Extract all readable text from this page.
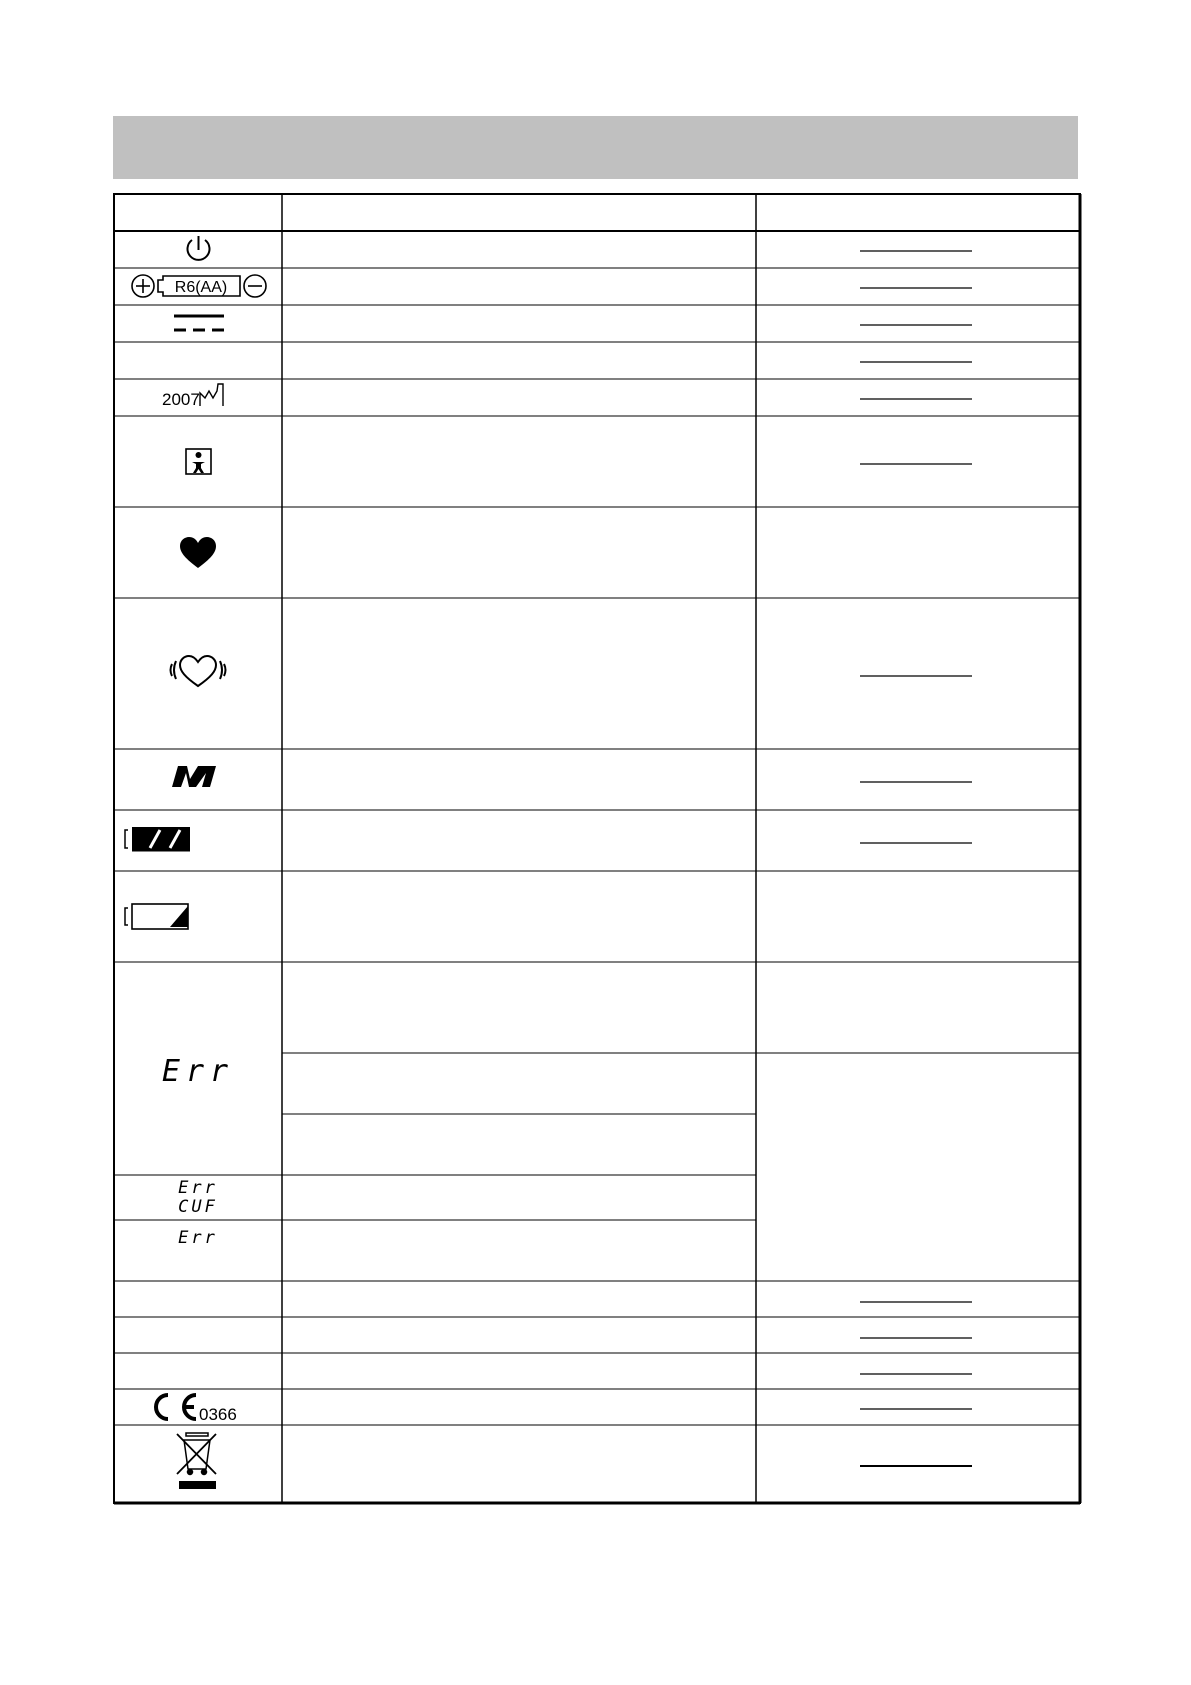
R6(AA)
2007
Err
Err
CUF
Err
0366
